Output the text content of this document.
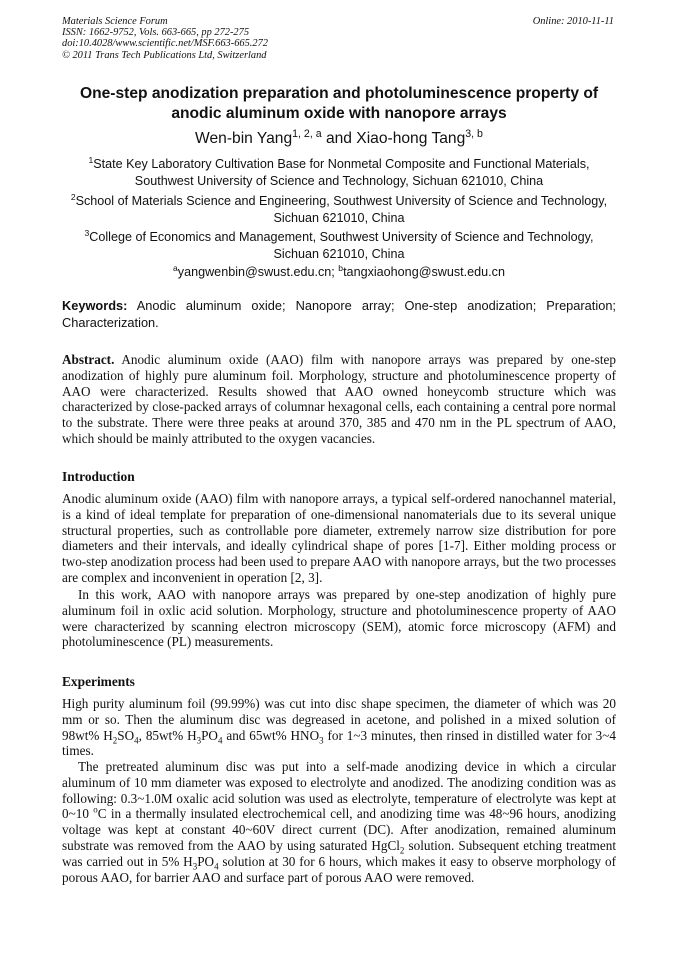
Materials Science Forum
ISSN: 1662-9752, Vols. 663-665, pp 272-275
doi:10.4028/www.scientific.net/MSF.663-665.272
© 2011 Trans Tech Publications Ltd, Switzerland
Online: 2010-11-11
One-step anodization preparation and photoluminescence property of
anodic aluminum oxide with nanopore arrays
Wen-bin Yang$^{1, 2, a}$ and Xiao-hong Tang$^{3, b}$
$^1$State Key Laboratory Cultivation Base for Nonmetal Composite and Functional Materials,
Southwest University of Science and Technology, Sichuan 621010, China
$^2$School of Materials Science and Engineering, Southwest University of Science and Technology,
Sichuan 621010, China
$^3$College of Economics and Management, Southwest University of Science and Technology,
Sichuan 621010, China
$^a$yangwenbin@swust.edu.cn; $^b$tangxiaohong@swust.edu.cn
Keywords: Anodic aluminum oxide; Nanopore array; One-step anodization; Preparation; Characterization.
Abstract. Anodic aluminum oxide (AAO) film with nanopore arrays was prepared by one-step anodization of highly pure aluminum foil. Morphology, structure and photoluminescence property of AAO were characterized. Results showed that AAO owned honeycomb structure which was characterized by close-packed arrays of columnar hexagonal cells, each containing a central pore normal to the substrate. There were three peaks at around 370, 385 and 470 nm in the PL spectrum of AAO, which should be mainly attributed to the oxygen vacancies.
Introduction
Anodic aluminum oxide (AAO) film with nanopore arrays, a typical self-ordered nanochannel material, is a kind of ideal template for preparation of one-dimensional nanomaterials due to its several unique structural properties, such as controllable pore diameter, extremely narrow size distribution for pore diameters and their intervals, and ideally cylindrical shape of pores [1-7]. Either molding process or two-step anodization process had been used to prepare AAO with nanopore arrays, but the two processes are complex and inconvenient in operation [2, 3].
In this work, AAO with nanopore arrays was prepared by one-step anodization of highly pure aluminum foil in oxlic acid solution. Morphology, structure and photoluminescence property of AAO were characterized by scanning electron microscopy (SEM), atomic force microscopy (AFM) and photoluminescence (PL) measurements.
Experiments
High purity aluminum foil (99.99%) was cut into disc shape specimen, the diameter of which was 20 mm or so. Then the aluminum disc was degreased in acetone, and polished in a mixed solution of 98wt% $H_2SO_4$, 85wt% $H_3PO_4$ and 65wt% $HNO_3$ for 1~3 minutes, then rinsed in distilled water for 3~4 times.
The pretreated aluminum disc was put into a self-made anodizing device in which a circular aluminum of 10 mm diameter was exposed to electrolyte and anodized. The anodizing condition was as following: 0.3~1.0M oxalic acid solution was used as electrolyte, temperature of electrolyte was kept at 0~10 $^o$C in a thermally insulated electrochemical cell, and anodizing time was 48~96 hours, anodizing voltage was kept at constant 40~60V direct current (DC). After anodization, remained aluminum substrate was removed from the AAO by using saturated HgCl$_2$ solution. Subsequent etching treatment was carried out in 5% $H_3PO_4$ solution at 30 for 6 hours, which makes it easy to observe morphology of porous AAO, for barrier AAO and surface part of porous AAO were removed.
